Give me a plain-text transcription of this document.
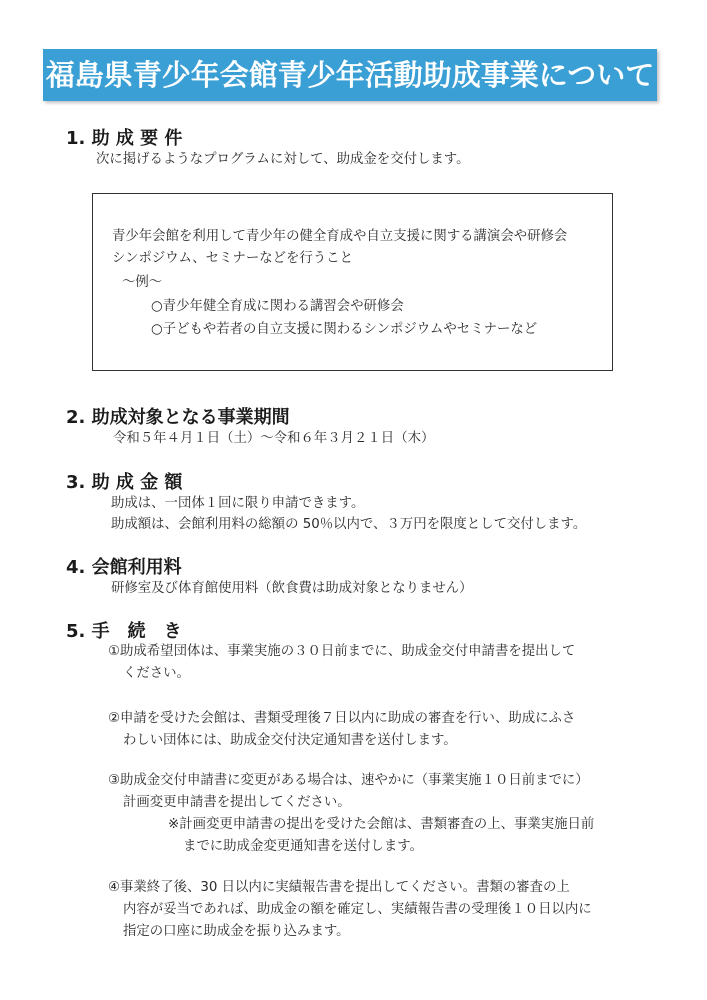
福島県青少年会館青少年活動助成事業について
1. 助 成 要 件
次に掲げるようなプログラムに対して、助成金を交付します。
青少年会館を利用して青少年の健全育成や自立支援に関する講演会や研修会
シンポジウム、セミナーなどを行うこと
～例～
○青少年健全育成に関わる講習会や研修会
○子どもや若者の自立支援に関わるシンポジウムやセミナーなど
2. 助成対象となる事業期間
令和５年４月１日（土）～令和６年３月２１日（木）
3. 助 成 金 額
助成は、一団体１回に限り申請できます。
助成額は、会館利用料の総額の 50％以内で、３万円を限度として交付します。
4. 会館利用料
研修室及び体育館使用料（飲食費は助成対象となりません）
5. 手　続　き
①助成希望団体は、事業実施の３０日前までに、助成金交付申請書を提出して
ください。
②申請を受けた会館は、書類受理後７日以内に助成の審査を行い、助成にふさ
わしい団体には、助成金交付決定通知書を送付します。
③助成金交付申請書に変更がある場合は、速やかに（事業実施１０日前までに）
計画変更申請書を提出してください。
※計画変更申請書の提出を受けた会館は、書類審査の上、事業実施日前
までに助成金変更通知書を送付します。
④事業終了後、30 日以内に実績報告書を提出してください。書類の審査の上
内容が妥当であれば、助成金の額を確定し、実績報告書の受理後１０日以内に
指定の口座に助成金を振り込みます。
